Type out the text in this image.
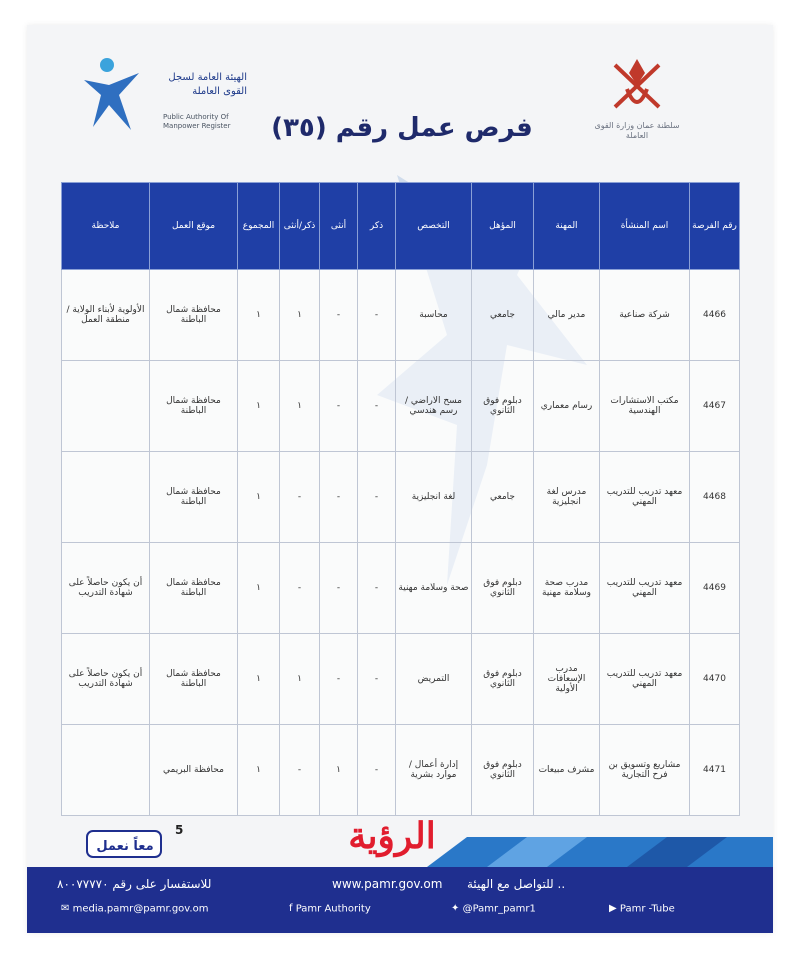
الهيئة العامة لسجل القوى العاملة
Public Authority Of Manpower Register	سلطنة عمان وزارة القوى العاملة
فرص عمل رقم (٣٥)
رقم الفرصة	اسم المنشأة	المهنة	المؤهل	التخصص	ذكر	أنثى	ذكر/أنثى	المجموع	موقع العمل	ملاحظة
4466	شركة صناعية	مدير مالي	جامعي	محاسبة	-	-	١	١	محافظة شمال الباطنة	الأولوية لأبناء الولاية / منطقة العمل
4467	مكتب الاستشارات الهندسية	رسام معماري	دبلوم فوق الثانوي	مسح الاراضي / رسم هندسي	-	-	١	١	محافظة شمال الباطنة	
4468	معهد تدريب للتدريب المهني	مدرس لغة انجليزية	جامعي	لغة انجليزية	-	-	-	١	محافظة شمال الباطنة	
4469	معهد تدريب للتدريب المهني	مدرب صحة وسلامة مهنية	دبلوم فوق الثانوي	صحة وسلامة مهنية	-	-	-	١	محافظة شمال الباطنة	أن يكون حاصلاً على شهادة التدريب
4470	معهد تدريب للتدريب المهني	مدرب الإسعافات الأولية	دبلوم فوق الثانوي	التمريض	-	-	١	١	محافظة شمال الباطنة	أن يكون حاصلاً على شهادة التدريب
4471	مشاريع وتسويق بن فرح التجارية	مشرف مبيعات	دبلوم فوق الثانوي	إدارة أعمال / موارد بشرية	-	١	-	١	محافظة البريمي	
معاً نعمل
5	الرؤية
للاستفسار على رقم ٨٠٠٧٧٧٧٠	www.pamr.gov.om للتواصل مع الهيئة ..
✉ media.pamr@pamr.gov.om	f Pamr Authority	✦ @Pamr_pamr1	▶ Pamr -Tube
